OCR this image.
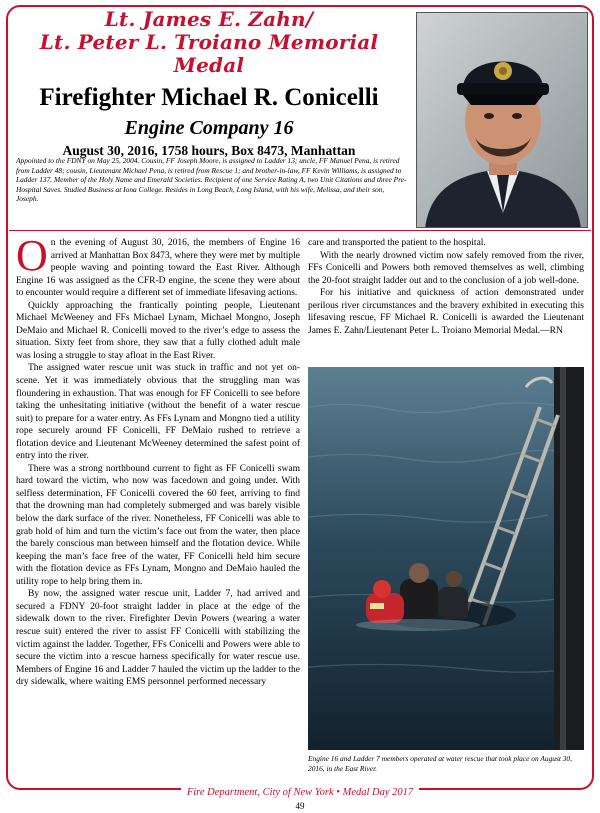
Lt. James E. Zahn/
Lt. Peter L. Troiano Memorial Medal
Firefighter Michael R. Conicelli
Engine Company 16
August 30, 2016, 1758 hours, Box 8473, Manhattan
Appointed to the FDNY on May 25, 2004. Cousin, FF Joseph Moore, is assigned to Ladder 13; uncle, FF Manuel Pena, is retired from Ladder 48; cousin, Lieutenant Michael Pena, is retired from Rescue 1; and brother-in-law, FF Kevin Williams, is assigned to Ladder 137. Member of the Holy Name and Emerald Societies. Recipient of one Service Rating A, two Unit Citations and three Pre-Hospital Saves. Studied Business at Iona College. Resides in Long Beach, Long Island, with his wife, Melissa, and their son, Joseph.

On the evening of August 30, 2016, the members of Engine 16 arrived at Manhattan Box 8473, where they were met by multiple people waving and pointing toward the East River. Although Engine 16 was assigned as the CFR-D engine, the scene they were about to encounter would require a different set of immediate lifesaving actions.

Quickly approaching the frantically pointing people, Lieutenant Michael McWeeney and FFs Michael Lynam, Michael Mongno, Joseph DeMaio and Michael R. Conicelli moved to the river’s edge to assess the situation. Sixty feet from shore, they saw that a fully clothed adult male was losing a struggle to stay afloat in the East River.

The assigned water rescue unit was stuck in traffic and not yet on-scene. Yet it was immediately obvious that the struggling man was floundering in exhaustion. That was enough for FF Conicelli to see before taking the unhesitating initiative (without the benefit of a water rescue suit) to prepare for a water entry. As FFs Lynam and Mongno tied a utility rope securely around FF Conicelli, FF DeMaio rushed to retrieve a flotation device and Lieutenant McWeeney determined the safest point of entry into the river.

There was a strong northbound current to fight as FF Conicelli swam hard toward the victim, who now was facedown and going under. With selfless determination, FF Conicelli covered the 60 feet, arriving to find that the drowning man had completely submerged and was barely visible below the dark surface of the river. Nonetheless, FF Conicelli was able to grab hold of him and turn the victim’s face out from the water, then place the barely conscious man between himself and the flotation device. While keeping the man’s face free of the water, FF Conicelli held him secure with the flotation device as FFs Lynam, Mongno and DeMaio hauled the utility rope to help bring them in.

By now, the assigned water rescue unit, Ladder 7, had arrived and secured a FDNY 20-foot straight ladder in place at the edge of the sidewalk down to the river. Firefighter Devin Powers (wearing a water rescue suit) entered the river to assist FF Conicelli with stabilizing the victim against the ladder. Together, FFs Conicelli and Powers were able to secure the victim into a rescue harness specifically for water rescue use. Members of Engine 16 and Ladder 7 hauled the victim up the ladder to the dry sidewalk, where waiting EMS personnel performed necessary

care and transported the patient to the hospital.

With the nearly drowned victim now safely removed from the river, FFs Conicelli and Powers both removed themselves as well, climbing the 20-foot straight ladder out and to the conclusion of a job well-done.

For his initiative and quickness of action demonstrated under perilous river circumstances and the bravery exhibited in executing this lifesaving rescue, FF Michael R. Conicelli is awarded the Lieutenant James E. Zahn/Lieutenant Peter L. Troiano Memorial Medal.—RN

Engine 16 and Ladder 7 members operated at water rescue that took place on August 30, 2016, in the East River.
Fire Department, City of New York • Medal Day 2017
49
